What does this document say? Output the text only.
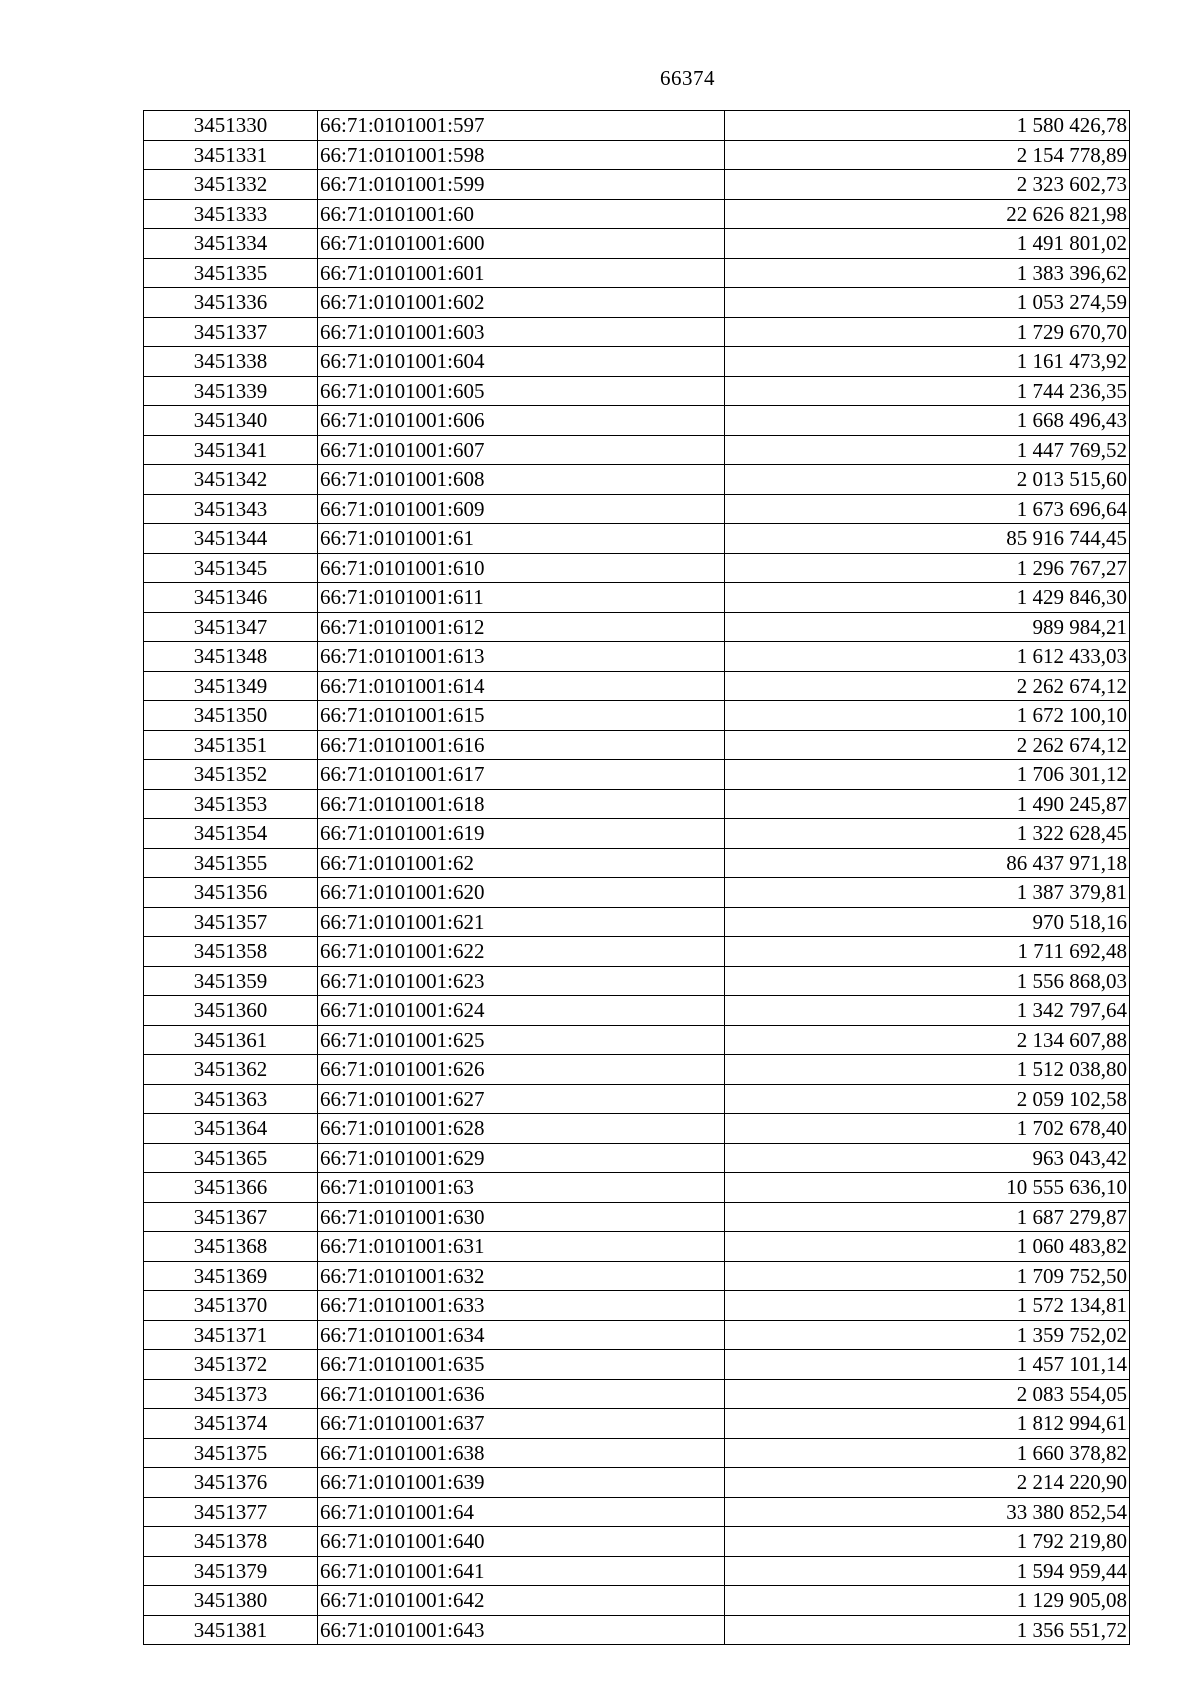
66374
3451330	66:71:0101001:597	1 580 426,78
3451331	66:71:0101001:598	2 154 778,89
3451332	66:71:0101001:599	2 323 602,73
3451333	66:71:0101001:60	22 626 821,98
3451334	66:71:0101001:600	1 491 801,02
3451335	66:71:0101001:601	1 383 396,62
3451336	66:71:0101001:602	1 053 274,59
3451337	66:71:0101001:603	1 729 670,70
3451338	66:71:0101001:604	1 161 473,92
3451339	66:71:0101001:605	1 744 236,35
3451340	66:71:0101001:606	1 668 496,43
3451341	66:71:0101001:607	1 447 769,52
3451342	66:71:0101001:608	2 013 515,60
3451343	66:71:0101001:609	1 673 696,64
3451344	66:71:0101001:61	85 916 744,45
3451345	66:71:0101001:610	1 296 767,27
3451346	66:71:0101001:611	1 429 846,30
3451347	66:71:0101001:612	989 984,21
3451348	66:71:0101001:613	1 612 433,03
3451349	66:71:0101001:614	2 262 674,12
3451350	66:71:0101001:615	1 672 100,10
3451351	66:71:0101001:616	2 262 674,12
3451352	66:71:0101001:617	1 706 301,12
3451353	66:71:0101001:618	1 490 245,87
3451354	66:71:0101001:619	1 322 628,45
3451355	66:71:0101001:62	86 437 971,18
3451356	66:71:0101001:620	1 387 379,81
3451357	66:71:0101001:621	970 518,16
3451358	66:71:0101001:622	1 711 692,48
3451359	66:71:0101001:623	1 556 868,03
3451360	66:71:0101001:624	1 342 797,64
3451361	66:71:0101001:625	2 134 607,88
3451362	66:71:0101001:626	1 512 038,80
3451363	66:71:0101001:627	2 059 102,58
3451364	66:71:0101001:628	1 702 678,40
3451365	66:71:0101001:629	963 043,42
3451366	66:71:0101001:63	10 555 636,10
3451367	66:71:0101001:630	1 687 279,87
3451368	66:71:0101001:631	1 060 483,82
3451369	66:71:0101001:632	1 709 752,50
3451370	66:71:0101001:633	1 572 134,81
3451371	66:71:0101001:634	1 359 752,02
3451372	66:71:0101001:635	1 457 101,14
3451373	66:71:0101001:636	2 083 554,05
3451374	66:71:0101001:637	1 812 994,61
3451375	66:71:0101001:638	1 660 378,82
3451376	66:71:0101001:639	2 214 220,90
3451377	66:71:0101001:64	33 380 852,54
3451378	66:71:0101001:640	1 792 219,80
3451379	66:71:0101001:641	1 594 959,44
3451380	66:71:0101001:642	1 129 905,08
3451381	66:71:0101001:643	1 356 551,72
